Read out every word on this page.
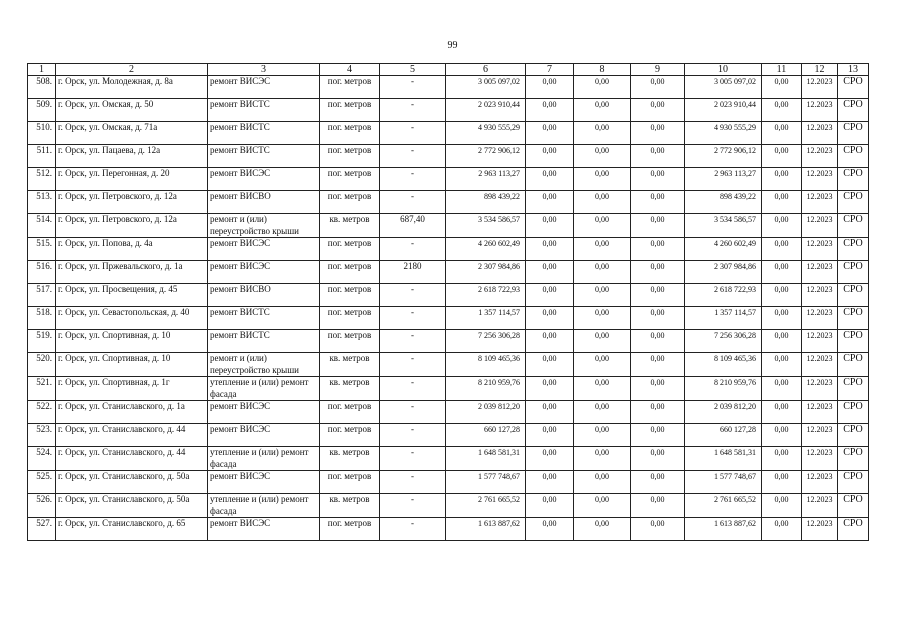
99
1	2	3	4	5	6	7	8	9	10	11	12	13
508.	г. Орск, ул. Молодежная, д. 8а	ремонт ВИСЭС	пог. метров	-	3 005 097,02	0,00	0,00	0,00	3 005 097,02	0,00	12.2023	СРО
509.	г. Орск, ул. Омская, д. 50	ремонт ВИСТС	пог. метров	-	2 023 910,44	0,00	0,00	0,00	2 023 910,44	0,00	12.2023	СРО
510.	г. Орск, ул. Омская, д. 71а	ремонт ВИСТС	пог. метров	-	4 930 555,29	0,00	0,00	0,00	4 930 555,29	0,00	12.2023	СРО
511.	г. Орск, ул. Пацаева, д. 12а	ремонт ВИСТС	пог. метров	-	2 772 906,12	0,00	0,00	0,00	2 772 906,12	0,00	12.2023	СРО
512.	г. Орск, ул. Перегонная, д. 20	ремонт ВИСЭС	пог. метров	-	2 963 113,27	0,00	0,00	0,00	2 963 113,27	0,00	12.2023	СРО
513.	г. Орск, ул. Петровского, д. 12а	ремонт ВИСВО	пог. метров	-	898 439,22	0,00	0,00	0,00	898 439,22	0,00	12.2023	СРО
514.	г. Орск, ул. Петровского, д. 12а	ремонт и (или) переустройство крыши	кв. метров	687,40	3 534 586,57	0,00	0,00	0,00	3 534 586,57	0,00	12.2023	СРО
515.	г. Орск, ул. Попова, д. 4а	ремонт ВИСЭС	пог. метров	-	4 260 602,49	0,00	0,00	0,00	4 260 602,49	0,00	12.2023	СРО
516.	г. Орск, ул. Пржевальского, д. 1а	ремонт ВИСЭС	пог. метров	2180	2 307 984,86	0,00	0,00	0,00	2 307 984,86	0,00	12.2023	СРО
517.	г. Орск, ул. Просвещения, д. 45	ремонт ВИСВО	пог. метров	-	2 618 722,93	0,00	0,00	0,00	2 618 722,93	0,00	12.2023	СРО
518.	г. Орск, ул. Севастопольская, д. 40	ремонт ВИСТС	пог. метров	-	1 357 114,57	0,00	0,00	0,00	1 357 114,57	0,00	12.2023	СРО
519.	г. Орск, ул. Спортивная, д. 10	ремонт ВИСТС	пог. метров	-	7 256 306,28	0,00	0,00	0,00	7 256 306,28	0,00	12.2023	СРО
520.	г. Орск, ул. Спортивная, д. 10	ремонт и (или) переустройство крыши	кв. метров	-	8 109 465,36	0,00	0,00	0,00	8 109 465,36	0,00	12.2023	СРО
521.	г. Орск, ул. Спортивная, д. 1г	утепление и (или) ремонт фасада	кв. метров	-	8 210 959,76	0,00	0,00	0,00	8 210 959,76	0,00	12.2023	СРО
522.	г. Орск, ул. Станиславского, д. 1а	ремонт ВИСЭС	пог. метров	-	2 039 812,20	0,00	0,00	0,00	2 039 812,20	0,00	12.2023	СРО
523.	г. Орск, ул. Станиславского, д. 44	ремонт ВИСЭС	пог. метров	-	660 127,28	0,00	0,00	0,00	660 127,28	0,00	12.2023	СРО
524.	г. Орск, ул. Станиславского, д. 44	утепление и (или) ремонт фасада	кв. метров	-	1 648 581,31	0,00	0,00	0,00	1 648 581,31	0,00	12.2023	СРО
525.	г. Орск, ул. Станиславского, д. 50а	ремонт ВИСЭС	пог. метров	-	1 577 748,67	0,00	0,00	0,00	1 577 748,67	0,00	12.2023	СРО
526.	г. Орск, ул. Станиславского, д. 50а	утепление и (или) ремонт фасада	кв. метров	-	2 761 665,52	0,00	0,00	0,00	2 761 665,52	0,00	12.2023	СРО
527.	г. Орск, ул. Станиславского, д. 65	ремонт ВИСЭС	пог. метров	-	1 613 887,62	0,00	0,00	0,00	1 613 887,62	0,00	12.2023	СРО
